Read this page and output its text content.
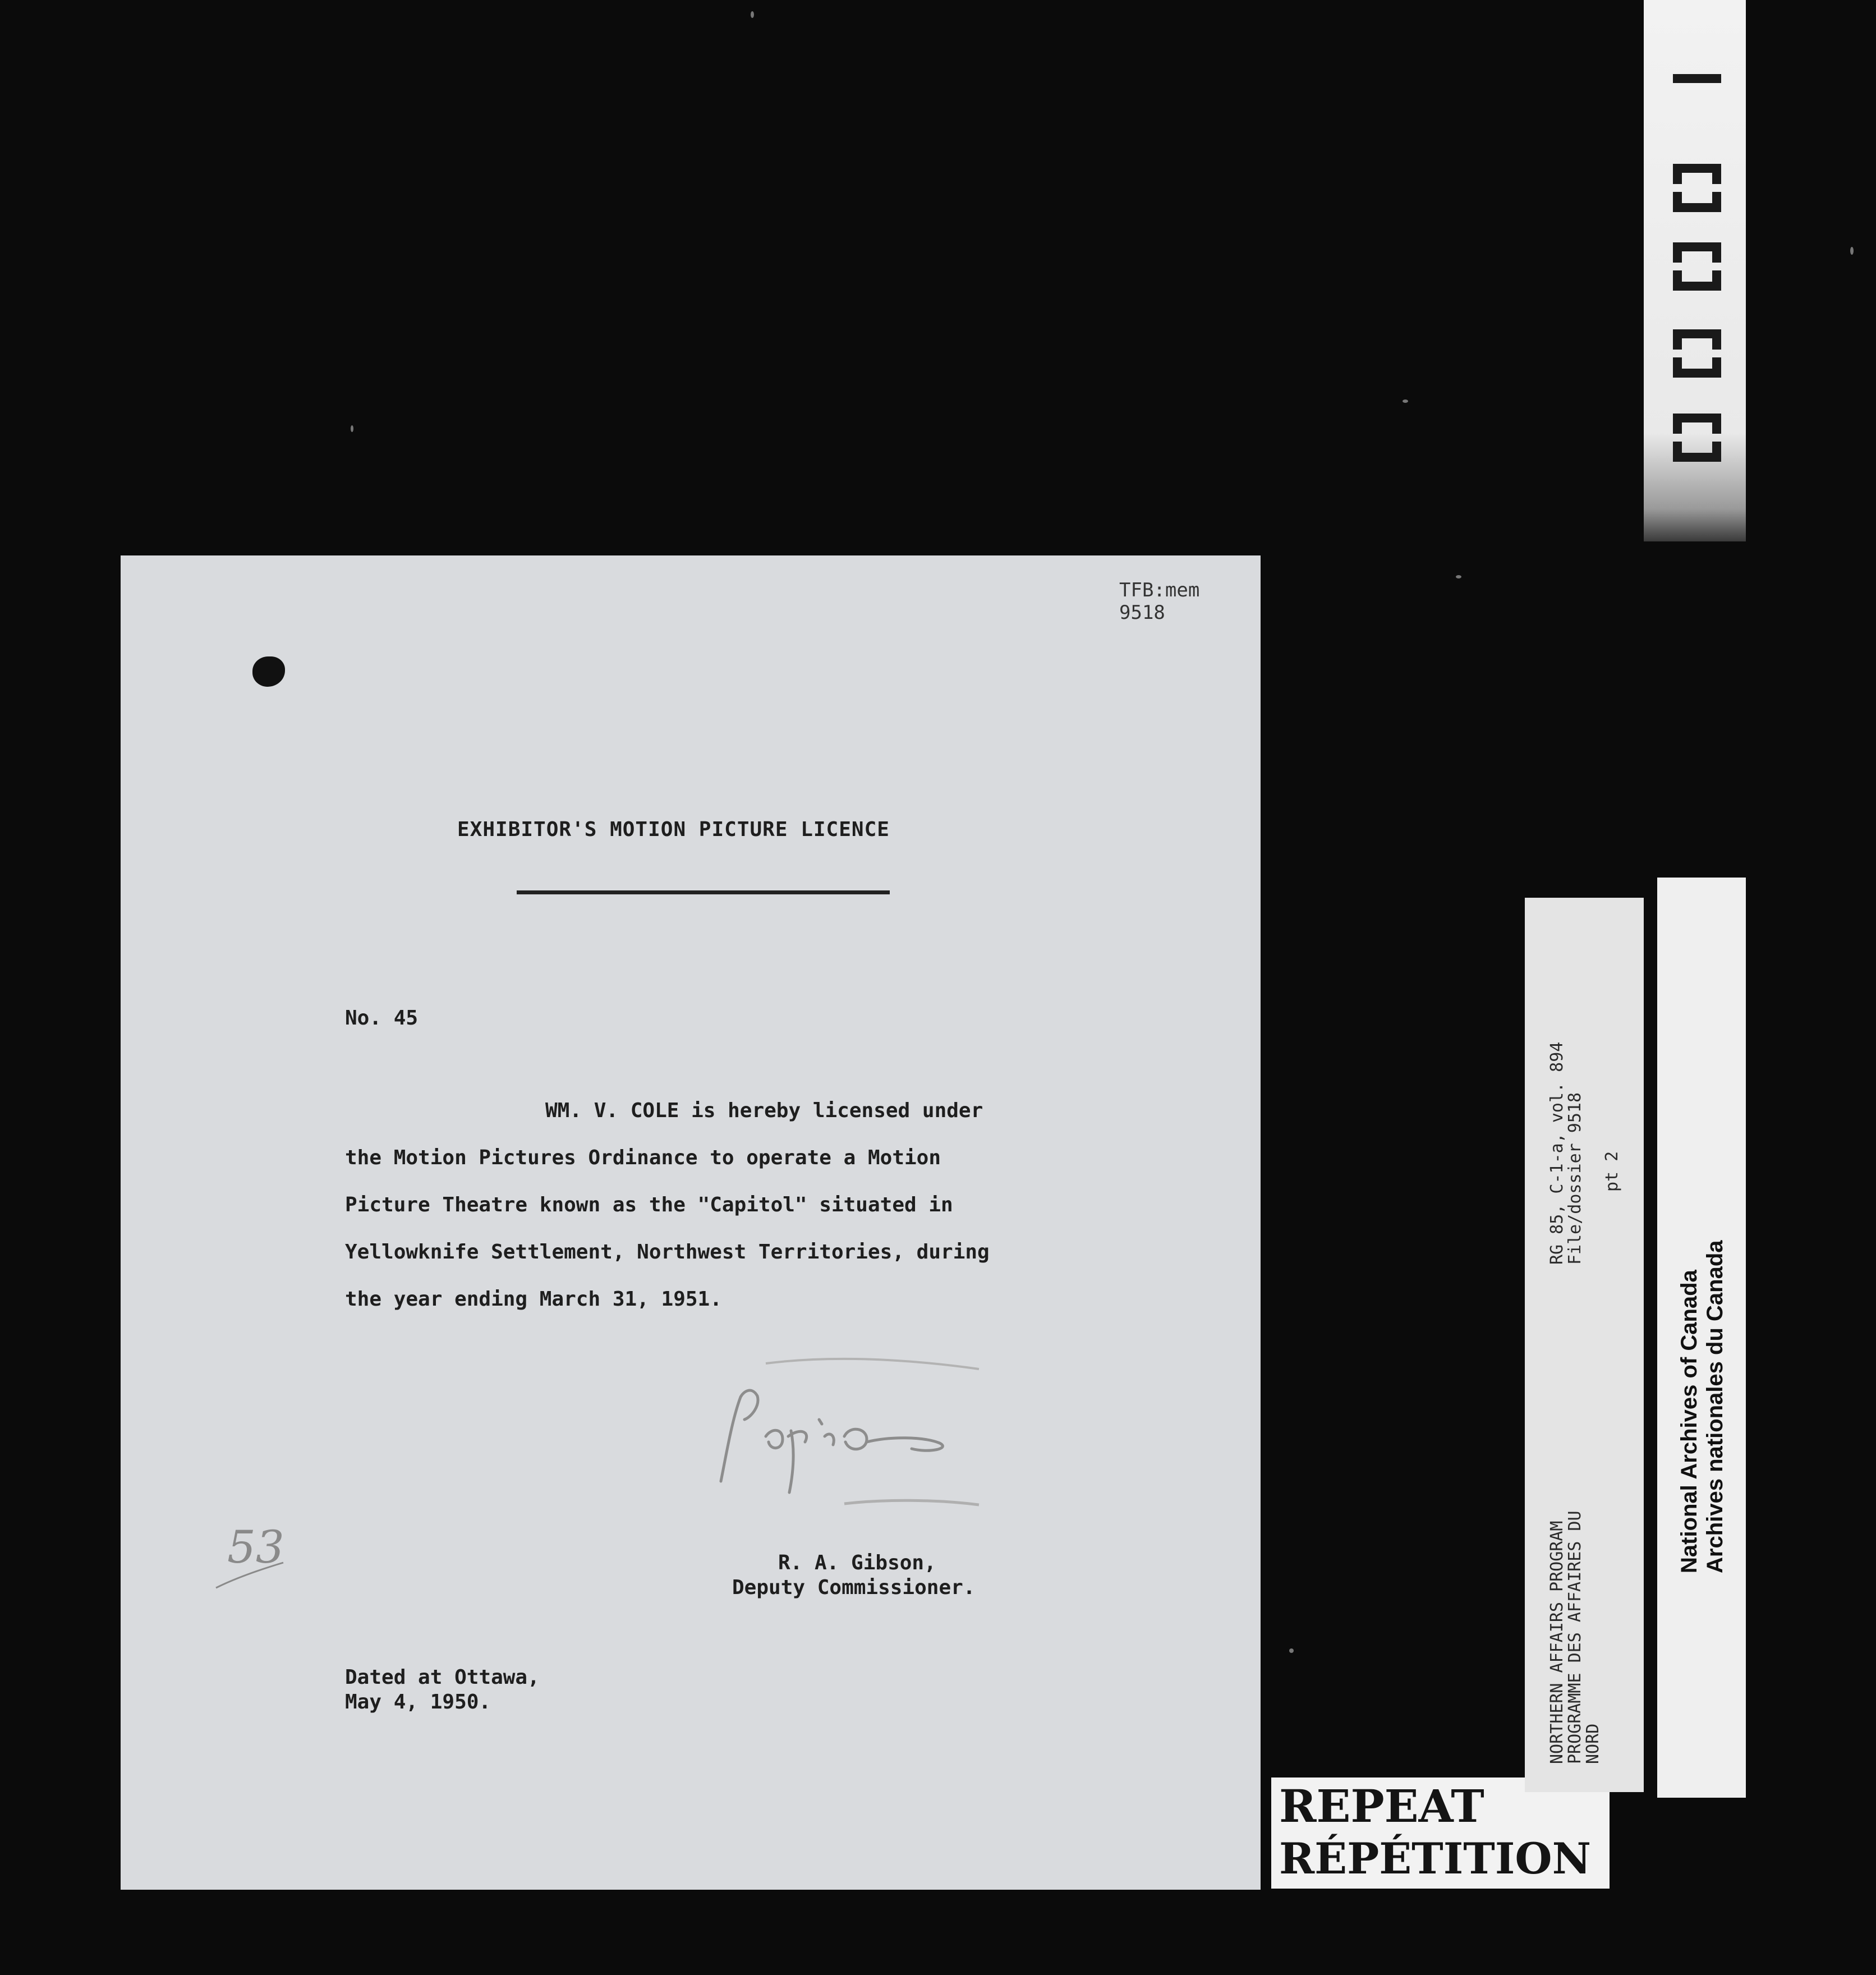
TFB:mem
9518
EXHIBITOR'S MOTION PICTURE LICENCE
No. 45
WM. V. COLE is hereby licensed under
the Motion Pictures Ordinance to operate a Motion
Picture Theatre known as the "Capitol" situated in
Yellowknife Settlement, Northwest Territories, during
the year ending March 31, 1951.
R. A. Gibson,
Deputy Commissioner.
53
Dated at Ottawa,
May 4, 1950.
REPEAT
RÉPÉTITION
NORTHERN AFFAIRS PROGRAM
PROGRAMME DES AFFAIRES DU
NORD
RG 85, C-1-a, vol. 894
File/dossier 9518 pt 2
National Archives of Canada Archives nationales du Canada
